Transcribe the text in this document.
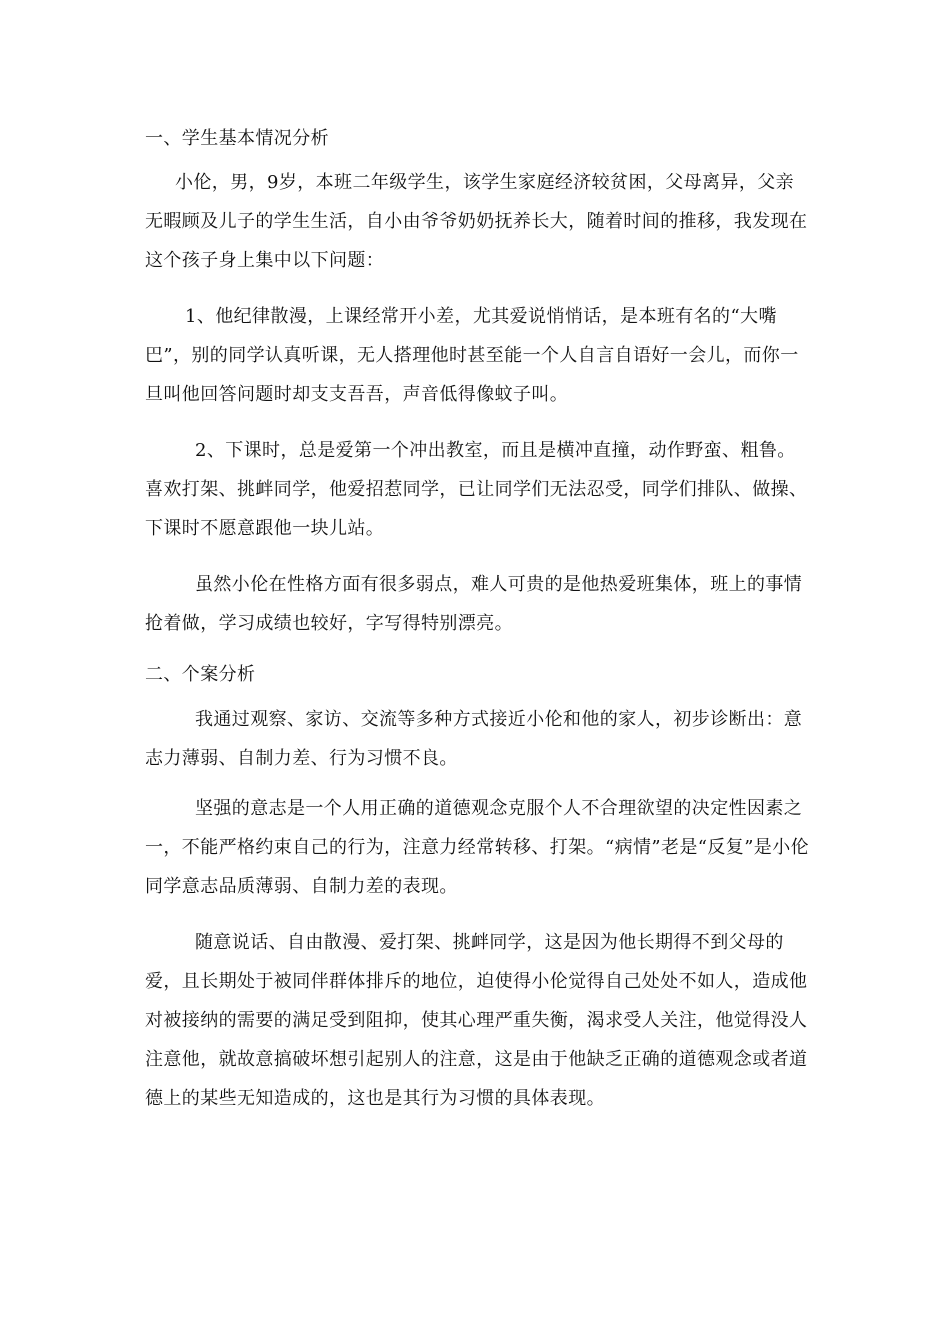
一、学生基本情况分析
小伦，男，9岁，本班二年级学生，该学生家庭经济较贫困，父母离异，父亲无暇顾及儿子的学生生活，自小由爷爷奶奶抚养长大，随着时间的推移，我发现在这个孩子身上集中以下问题：
1、他纪律散漫，上课经常开小差，尤其爱说悄悄话，是本班有名的“大嘴巴”，别的同学认真听课，无人搭理他时甚至能一个人自言自语好一会儿，而你一旦叫他回答问题时却支支吾吾，声音低得像蚊子叫。
2、下课时，总是爱第一个冲出教室，而且是横冲直撞，动作野蛮、粗鲁。喜欢打架、挑衅同学，他爱招惹同学，已让同学们无法忍受，同学们排队、做操、下课时不愿意跟他一块儿站。
虽然小伦在性格方面有很多弱点，难人可贵的是他热爱班集体，班上的事情抢着做，学习成绩也较好，字写得特别漂亮。
二、个案分析
我通过观察、家访、交流等多种方式接近小伦和他的家人，初步诊断出：意志力薄弱、自制力差、行为习惯不良。
坚强的意志是一个人用正确的道德观念克服个人不合理欲望的决定性因素之一，不能严格约束自己的行为，注意力经常转移、打架。“病情”老是“反复”是小伦同学意志品质薄弱、自制力差的表现。
随意说话、自由散漫、爱打架、挑衅同学，这是因为他长期得不到父母的爱，且长期处于被同伴群体排斥的地位，迫使得小伦觉得自己处处不如人，造成他对被接纳的需要的满足受到阻抑，使其心理严重失衡，渴求受人关注，他觉得没人注意他，就故意搞破坏想引起别人的注意，这是由于他缺乏正确的道德观念或者道德上的某些无知造成的，这也是其行为习惯的具体表现。
